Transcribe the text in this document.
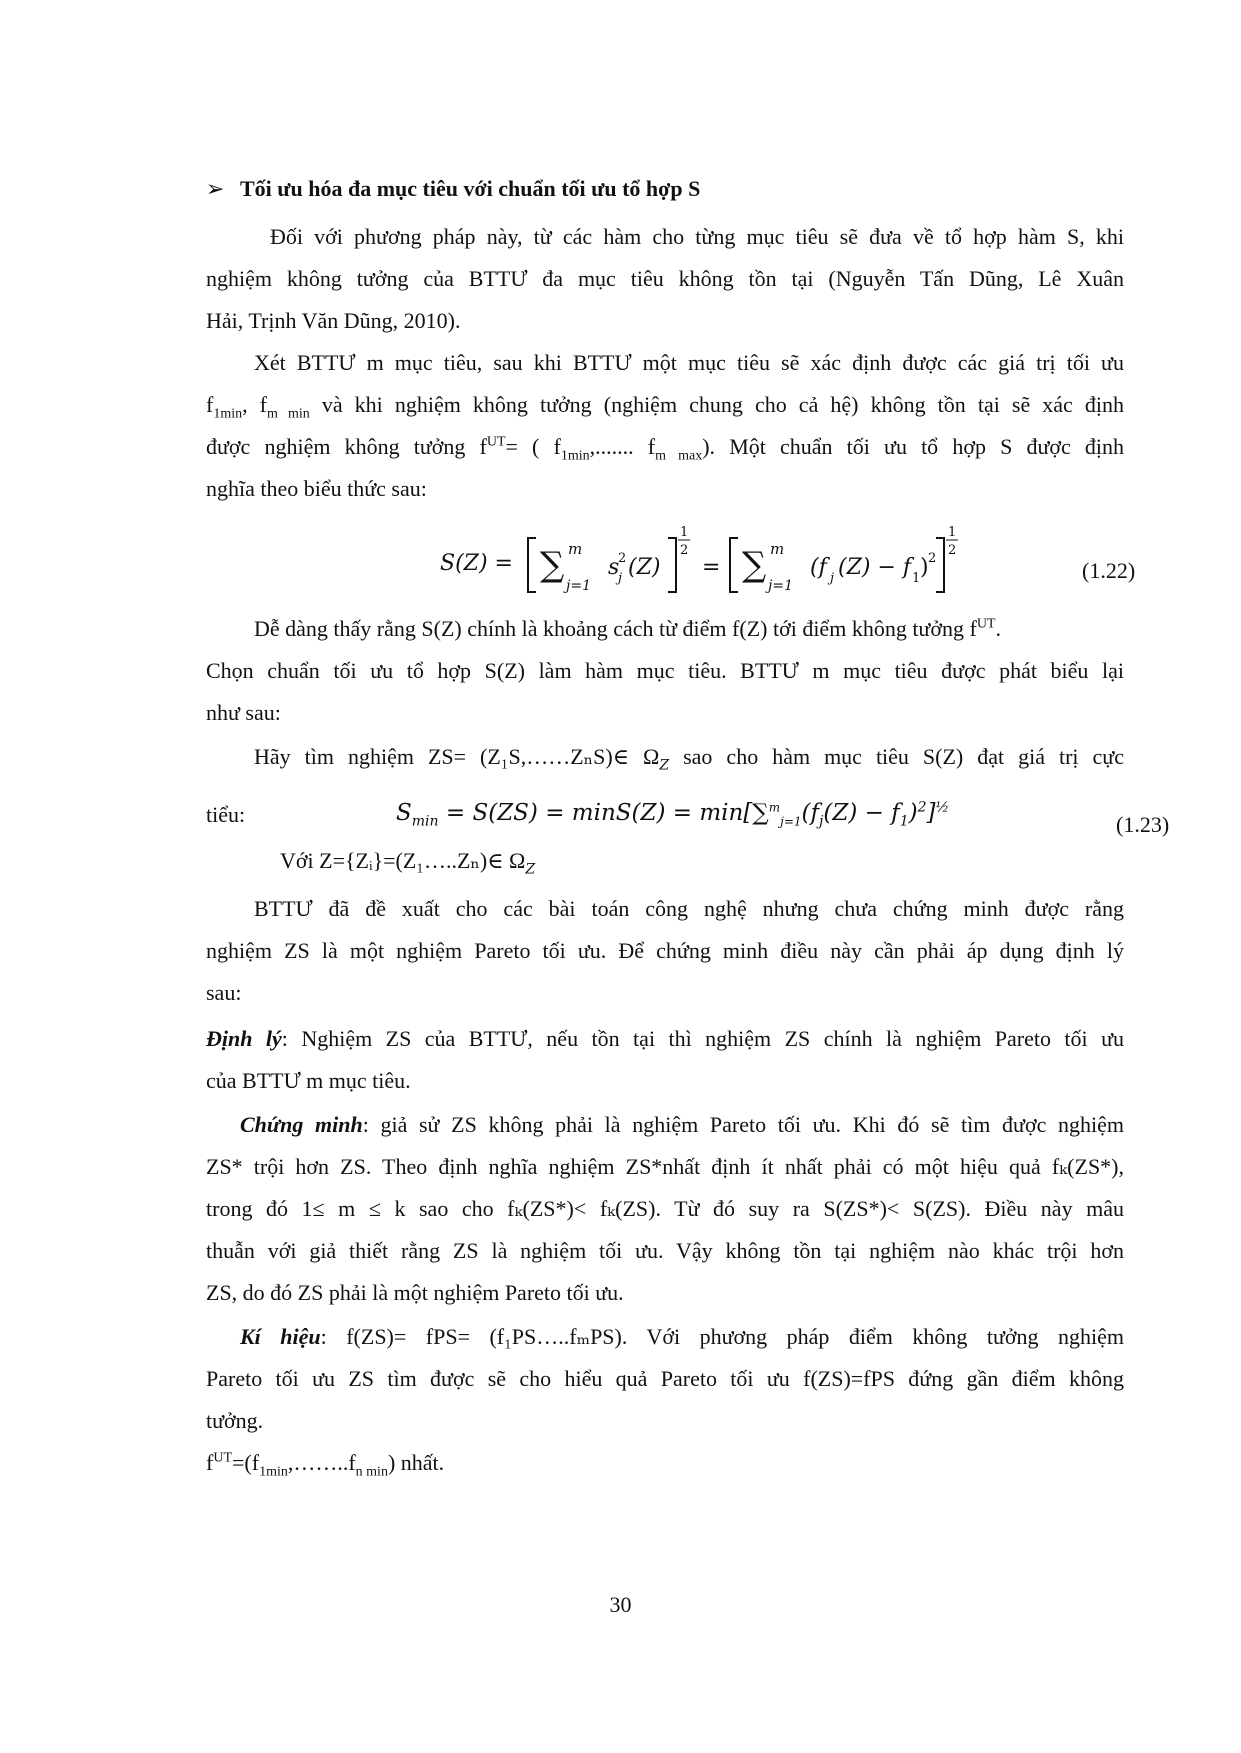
➢ Tối ưu hóa đa mục tiêu với chuẩn tối ưu tổ hợp S
Đối với phương pháp này, từ các hàm cho từng mục tiêu sẽ đưa về tổ hợp hàm S, khi
nghiệm không tưởng của BTTƯ đa mục tiêu không tồn tại (Nguyễn Tấn Dũng, Lê Xuân
Hải, Trịnh Văn Dũng, 2010).
Xét BTTƯ m mục tiêu, sau khi BTTƯ một mục tiêu sẽ xác định được các giá trị tối ưu
$f_{1min}$, $f_{m min}$ và khi nghiệm không tưởng (nghiệm chung cho cả hệ) không tồn tại sẽ xác định
được nghiệm không tưởng $f^{UT}=$ ( $f_{1min}$,....... $f_{m max}$). Một chuẩn tối ưu tổ hợp S được định
nghĩa theo biểu thức sau:
S(Z) = ∑ m
j=1
s
j
2 (Z)
1
2
= ∑ m
j=1
(f j (Z) − f 1 ) 2
1
2
(1.22)
Dễ dàng thấy rằng S(Z) chính là khoảng cách từ điểm f(Z) tới điểm không tưởng $f^{UT}$.
Chọn chuẩn tối ưu tổ hợp S(Z) làm hàm mục tiêu. BTTƯ m mục tiêu được phát biểu lại
như sau:
Hãy tìm nghiệm ZS= (Z₁S,……ZₙS)∈ $\Omega_Z$ sao cho hàm mục tiêu S(Z) đạt giá trị cực
tiểu:	$S_{min} = S(ZS) = \min S(Z) = \min[\sum^m_{j=1}(f_j(Z) - f_1)^2]^{\frac{1}{2}}$
(1.23)
Với Z={Zᵢ}=(Z₁…..Zₙ)∈ $\Omega_Z$
BTTƯ đã đề xuất cho các bài toán công nghệ nhưng chưa chứng minh được rằng
nghiệm ZS là một nghiệm Pareto tối ưu. Để chứng minh điều này cần phải áp dụng định lý
sau:
Định lý: Nghiệm ZS của BTTƯ, nếu tồn tại thì nghiệm ZS chính là nghiệm Pareto tối ưu
của BTTƯ m mục tiêu.
Chứng minh: giả sử ZS không phải là nghiệm Pareto tối ưu. Khi đó sẽ tìm được nghiệm
ZS* trội hơn ZS. Theo định nghĩa nghiệm ZS*nhất định ít nhất phải có một hiệu quả fₖ(ZS*),
trong đó 1≤ m ≤ k sao cho fₖ(ZS*)< fₖ(ZS). Từ đó suy ra S(ZS*)< S(ZS). Điều này mâu
thuẫn với giả thiết rằng ZS là nghiệm tối ưu. Vậy không tồn tại nghiệm nào khác trội hơn
ZS, do đó ZS phải là một nghiệm Pareto tối ưu.
Kí hiệu: f(ZS)= fPS= (f₁PS…..fₘPS). Với phương pháp điểm không tưởng nghiệm
Pareto tối ưu ZS tìm được sẽ cho hiểu quả Pareto tối ưu f(ZS)=fPS đứng gần điểm không
tưởng.
$f^{UT}=(f_{1min},\dots\dots..f_{n min})$ nhất.
30
